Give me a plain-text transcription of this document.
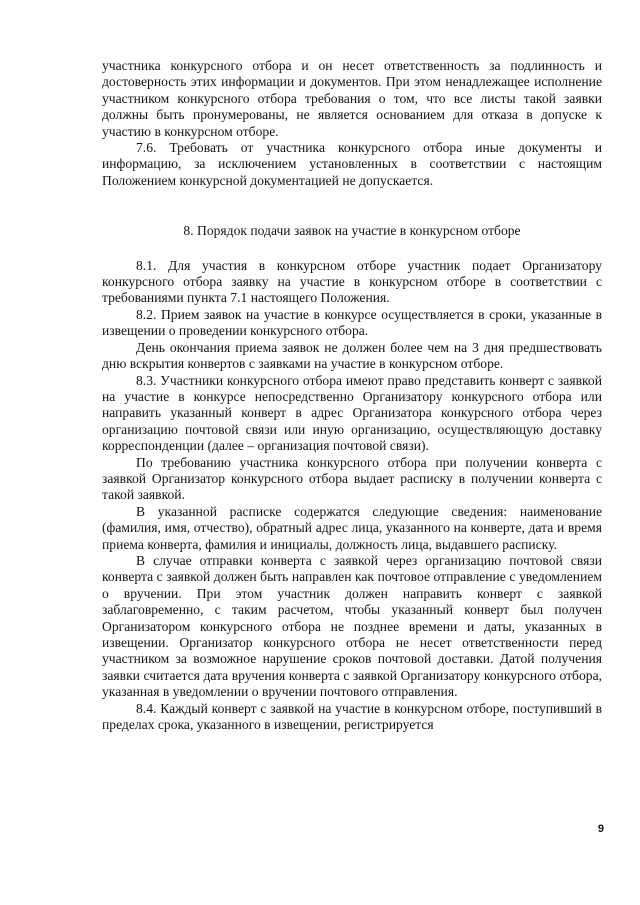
участника конкурсного отбора и он несет ответственность за подлинность и достоверность этих информации и документов. При этом ненадлежащее исполнение участником конкурсного отбора требования о том, что все листы такой заявки должны быть пронумерованы, не является основанием для отказа в допуске к участию в конкурсном отборе.

7.6. Требовать от участника конкурсного отбора иные документы и информацию, за исключением установленных в соответствии с настоящим Положением конкурсной документацией не допускается.

8. Порядок подачи заявок на участие в конкурсном отборе

8.1. Для участия в конкурсном отборе участник подает Организатору конкурсного отбора заявку на участие в конкурсном отборе в соответствии с требованиями пункта 7.1 настоящего Положения.

8.2. Прием заявок на участие в конкурсе осуществляется в сроки, указанные в извещении о проведении конкурсного отбора.

День окончания приема заявок не должен более чем на 3 дня предшествовать дню вскрытия конвертов с заявками на участие в конкурсном отборе.

8.3. Участники конкурсного отбора имеют право представить конверт с заявкой на участие в конкурсе непосредственно Организатору конкурсного отбора или направить указанный конверт в адрес Организатора конкурсного отбора через организацию почтовой связи или иную организацию, осуществляющую доставку корреспонденции (далее – организация почтовой связи).

По требованию участника конкурсного отбора при получении конверта с заявкой Организатор конкурсного отбора выдает расписку в получении конверта с такой заявкой.

В указанной расписке содержатся следующие сведения: наименование (фамилия, имя, отчество), обратный адрес лица, указанного на конверте, дата и время приема конверта, фамилия и инициалы, должность лица, выдавшего расписку.

В случае отправки конверта с заявкой через организацию почтовой связи конверта с заявкой должен быть направлен как почтовое отправление с уведомлением о вручении. При этом участник должен направить конверт с заявкой заблаговременно, с таким расчетом, чтобы указанный конверт был получен Организатором конкурсного отбора не позднее времени и даты, указанных в извещении. Организатор конкурсного отбора не несет ответственности перед участником за возможное нарушение сроков почтовой доставки. Датой получения заявки считается дата вручения конверта с заявкой Организатору конкурсного отбора, указанная в уведомлении о вручении почтового отправления.

8.4. Каждый конверт с заявкой на участие в конкурсном отборе, поступивший в пределах срока, указанного в извещении, регистрируется

9
